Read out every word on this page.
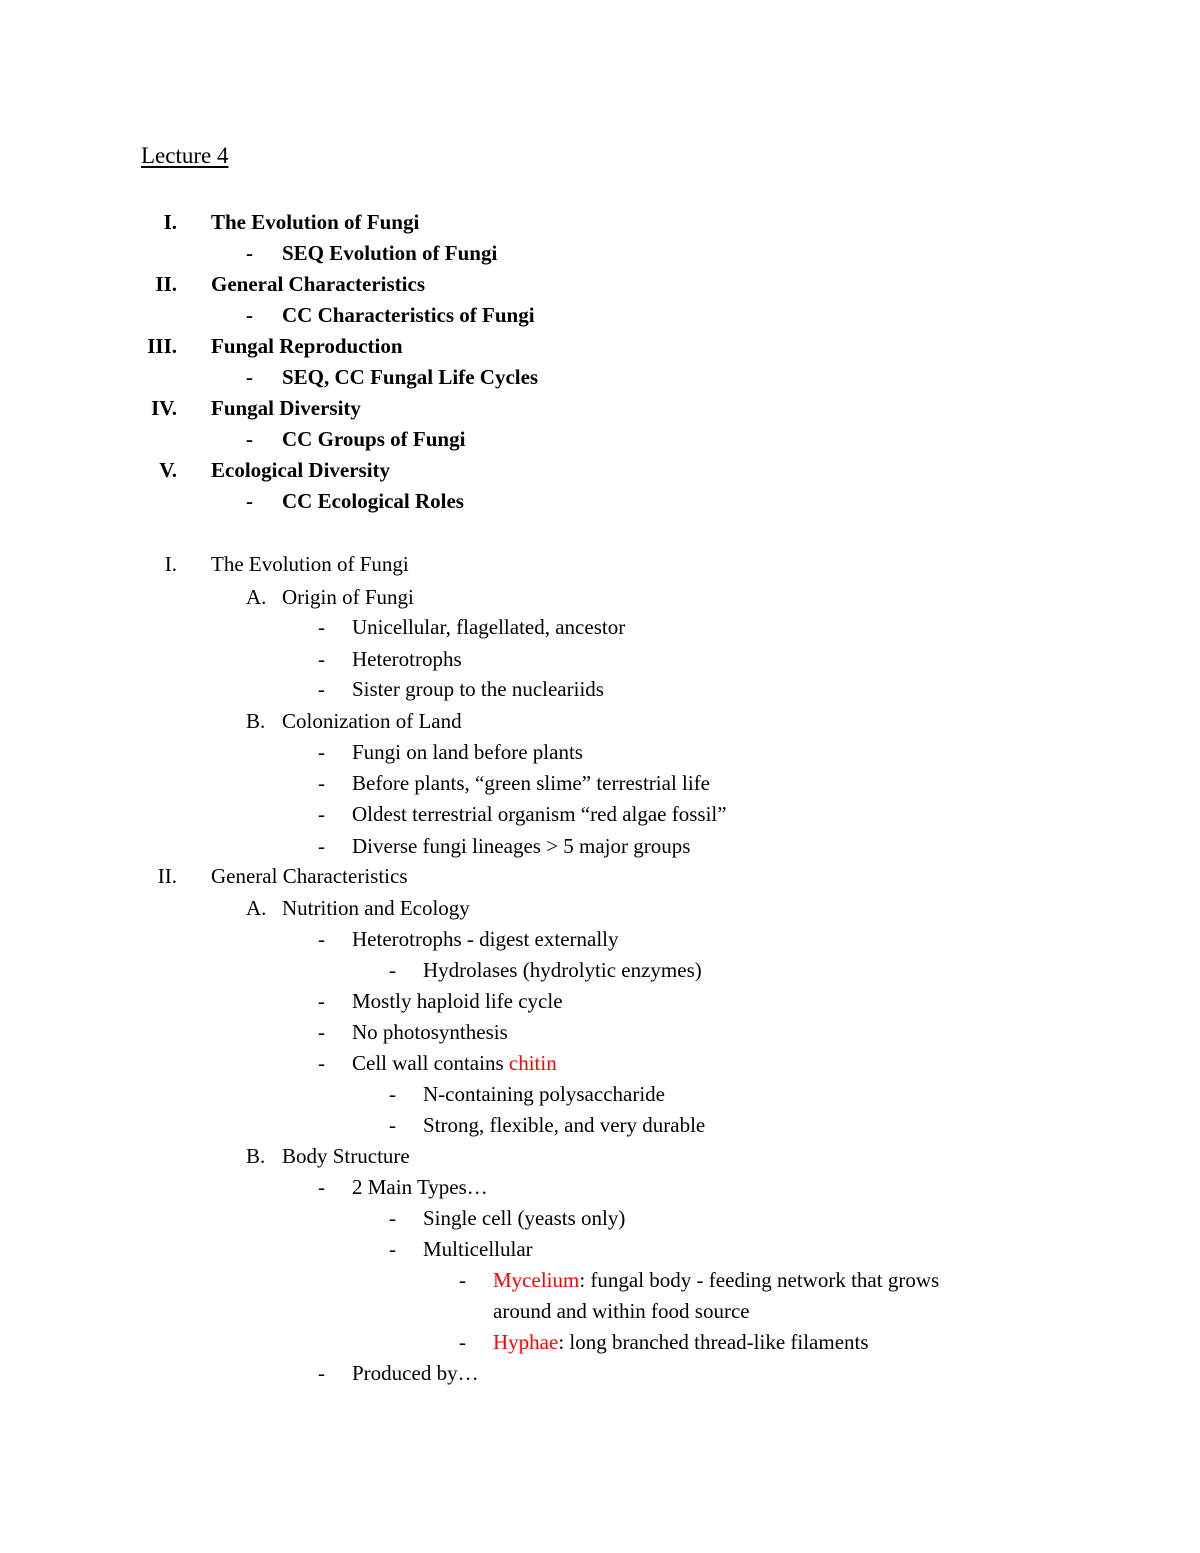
Lecture 4
I. The Evolution of Fungi
- SEQ Evolution of Fungi
II. General Characteristics
- CC Characteristics of Fungi
III. Fungal Reproduction
- SEQ, CC Fungal Life Cycles
IV. Fungal Diversity
- CC Groups of Fungi
V. Ecological Diversity
- CC Ecological Roles
I. The Evolution of Fungi
A. Origin of Fungi
- Unicellular, flagellated, ancestor
- Heterotrophs
- Sister group to the nucleariids
B. Colonization of Land
- Fungi on land before plants
- Before plants, “green slime” terrestrial life
- Oldest terrestrial organism “red algae fossil”
- Diverse fungi lineages > 5 major groups
II. General Characteristics
A. Nutrition and Ecology
- Heterotrophs - digest externally
- Hydrolases (hydrolytic enzymes)
- Mostly haploid life cycle
- No photosynthesis
- Cell wall contains chitin
- N-containing polysaccharide
- Strong, flexible, and very durable
B. Body Structure
- 2 Main Types…
- Single cell (yeasts only)
- Multicellular
- Mycelium: fungal body - feeding network that grows
around and within food source
- Hyphae: long branched thread-like filaments
- Produced by…
